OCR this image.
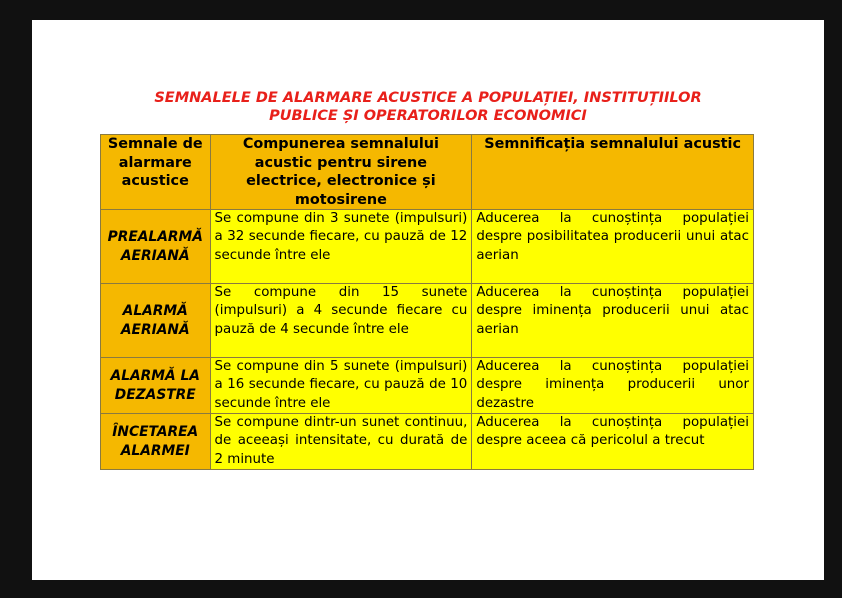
SEMNALELE DE ALARMARE ACUSTICE A POPULAȚIEI, INSTITUȚIILOR
PUBLICE ȘI OPERATORILOR ECONOMICI
Semnale de alarmare acustice	Compunerea semnalului acustic pentru sirene electrice, electronice și motosirene	Semnificația semnalului acustic
PREALARMĂ AERIANĂ	Se compune din 3 sunete (impulsuri) a 32 secunde fiecare, cu pauză de 12 secunde între ele	Aducerea la cunoștința populației despre posibilitatea producerii unui atac aerian
ALARMĂ AERIANĂ	Se compune din 15 sunete (impulsuri) a 4 secunde fiecare cu pauză de 4 secunde între ele	Aducerea la cunoștința populației despre iminența producerii unui atac aerian
ALARMĂ LA DEZASTRE	Se compune din 5 sunete (impulsuri) a 16 secunde fiecare, cu pauză de 10 secunde între ele	Aducerea la cunoștința populației despre iminența producerii unor dezastre
ÎNCETAREA ALARMEI	Se compune dintr-un sunet continuu, de aceeași intensitate, cu durată de 2 minute	Aducerea la cunoștința populației despre aceea că pericolul a trecut
